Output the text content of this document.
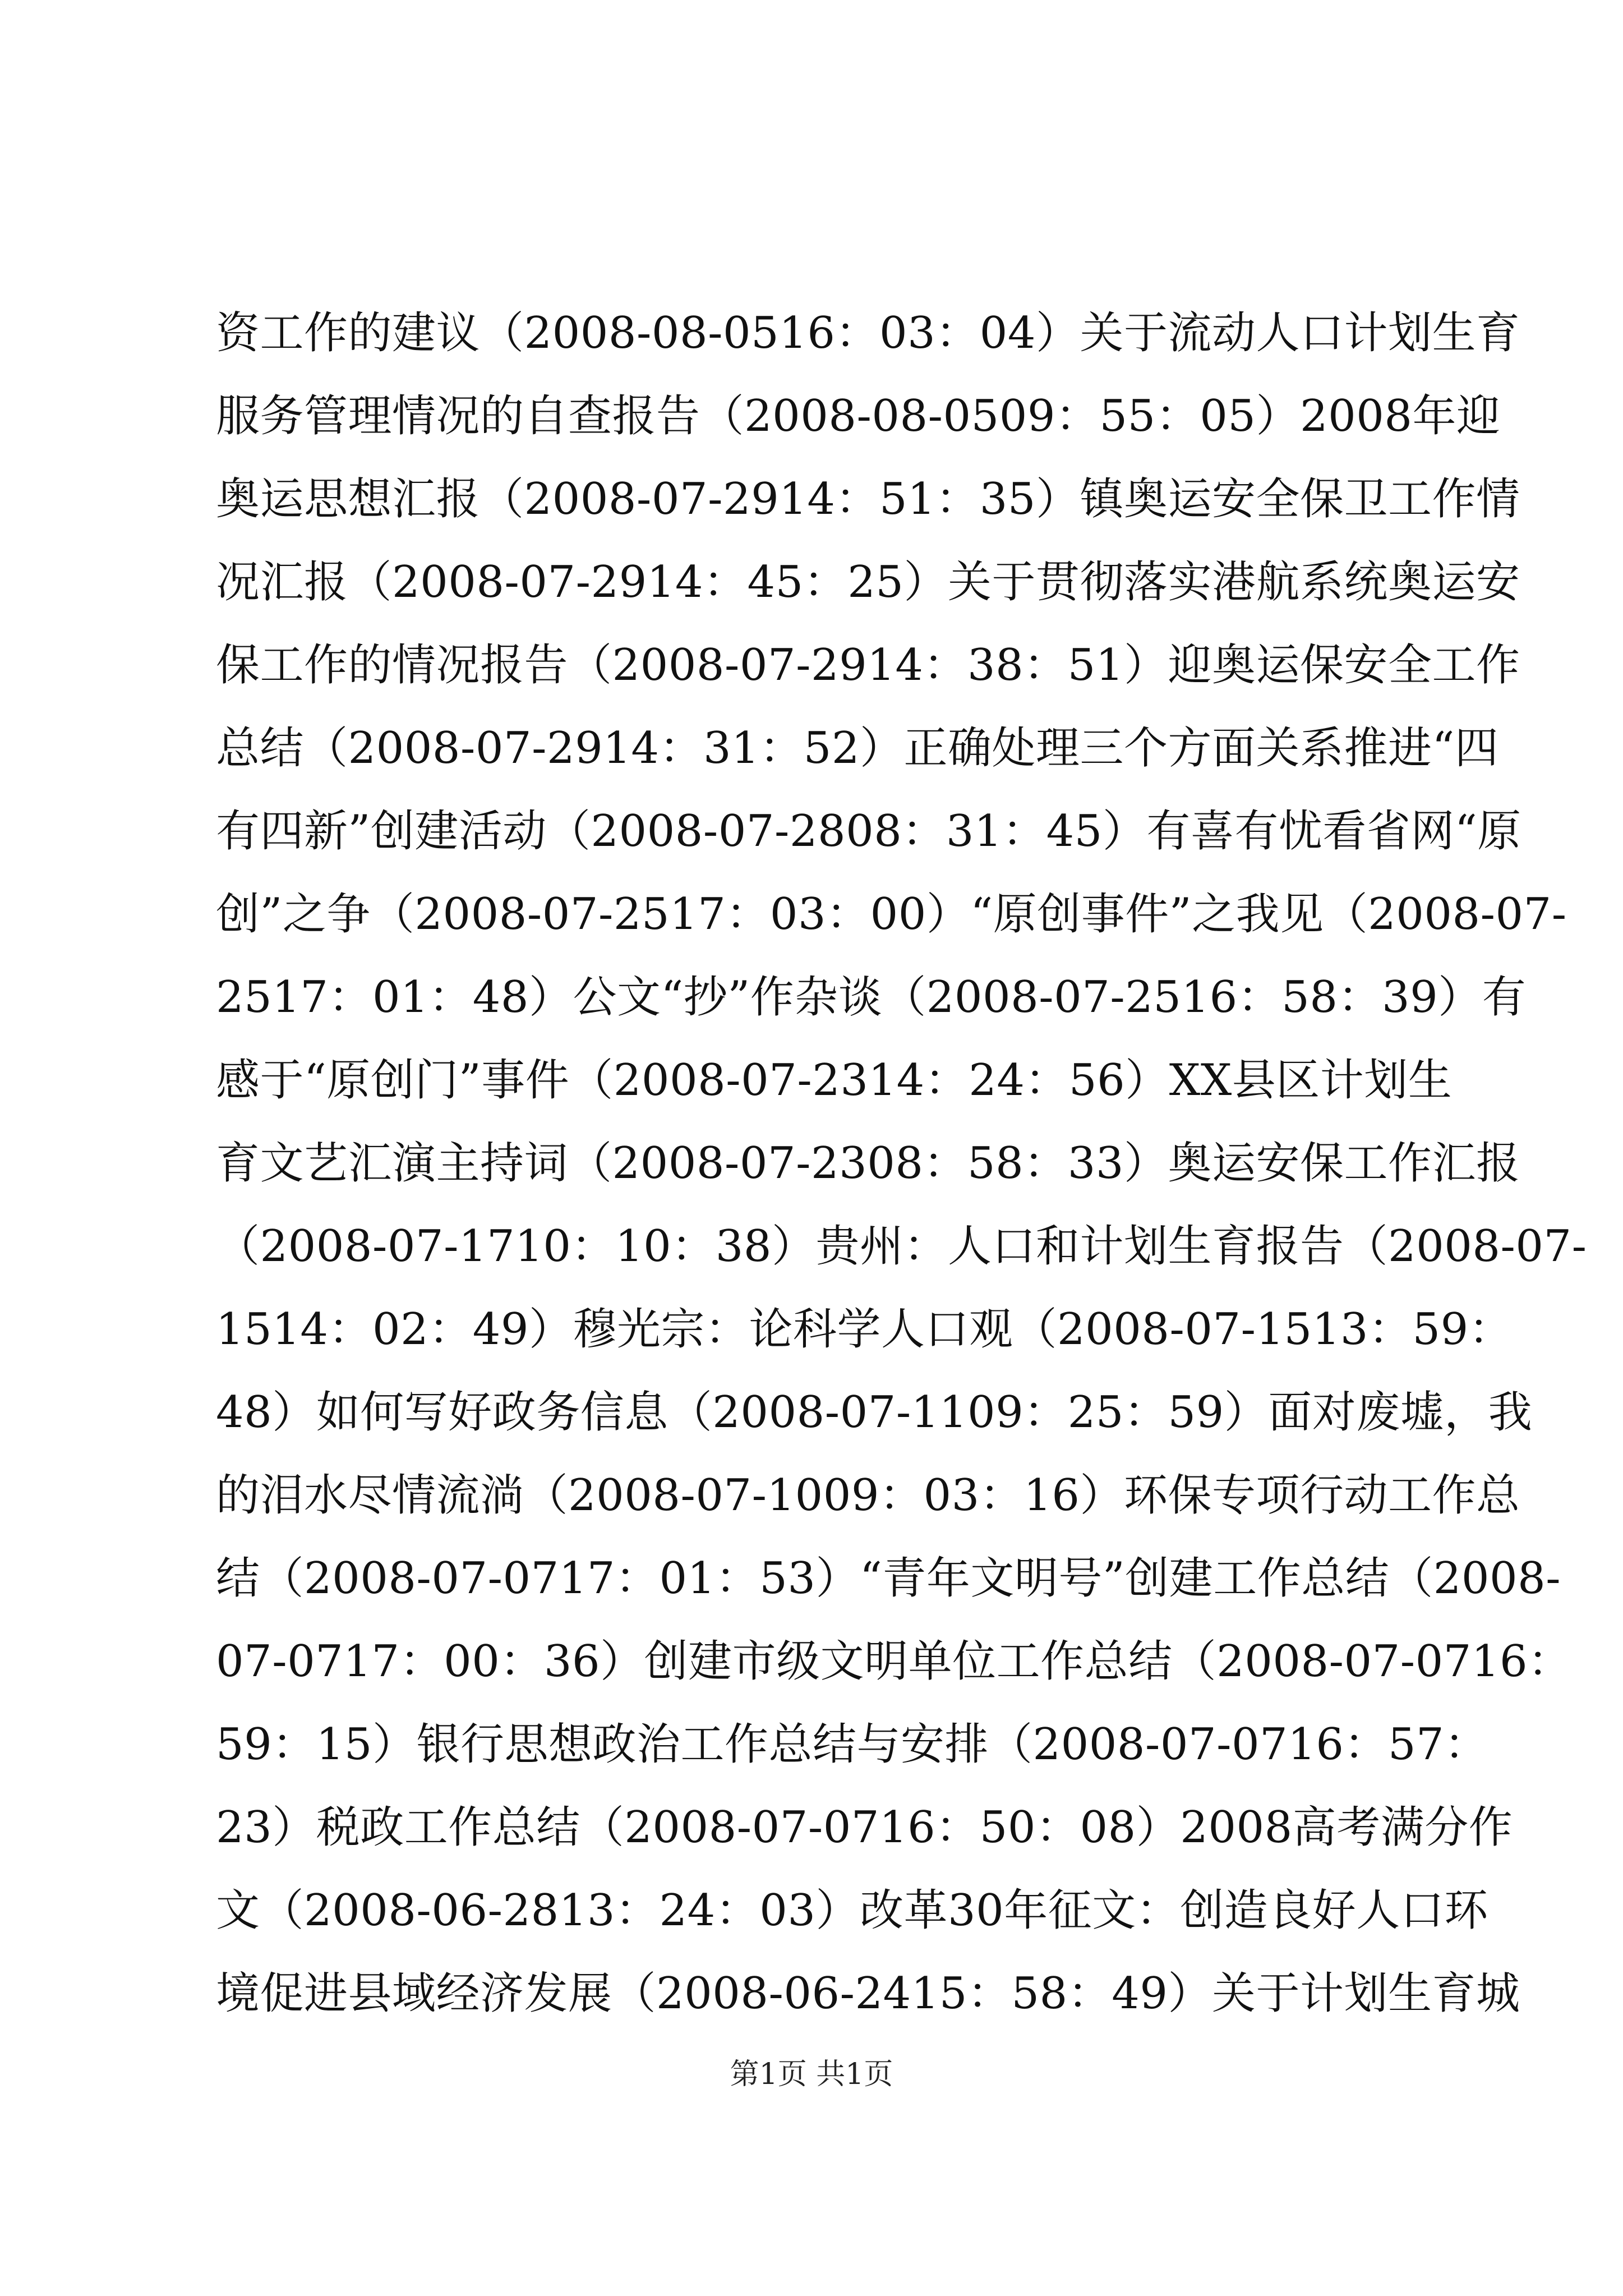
资工作的建议（2008-08-0516：03：04）关于流动人口计划生育
服务管理情况的自查报告（2008-08-0509：55：05）2008年迎
奥运思想汇报（2008-07-2914：51：35）镇奥运安全保卫工作情
况汇报（2008-07-2914：45：25）关于贯彻落实港航系统奥运安
保工作的情况报告（2008-07-2914：38：51）迎奥运保安全工作
总结（2008-07-2914：31：52）正确处理三个方面关系推进“四
有四新”创建活动（2008-07-2808：31：45）有喜有忧看省网“原
创”之争（2008-07-2517：03：00）“原创事件”之我见（2008-07-
2517：01：48）公文“抄”作杂谈（2008-07-2516：58：39）有
感于“原创门”事件（2008-07-2314：24：56）XX县区计划生
育文艺汇演主持词（2008-07-2308：58：33）奥运安保工作汇报
（2008-07-1710：10：38）贵州：人口和计划生育报告（2008-07-
1514：02：49）穆光宗：论科学人口观（2008-07-1513：59：
48）如何写好政务信息（2008-07-1109：25：59）面对废墟，我
的泪水尽情流淌（2008-07-1009：03：16）环保专项行动工作总
结（2008-07-0717：01：53）“青年文明号”创建工作总结（2008-
07-0717：00：36）创建市级文明单位工作总结（2008-07-0716：
59：15）银行思想政治工作总结与安排（2008-07-0716：57：
23）税政工作总结（2008-07-0716：50：08）2008高考满分作
文（2008-06-2813：24：03）改革30年征文：创造良好人口环
境促进县域经济发展（2008-06-2415：58：49）关于计划生育城
第1页 共1页
